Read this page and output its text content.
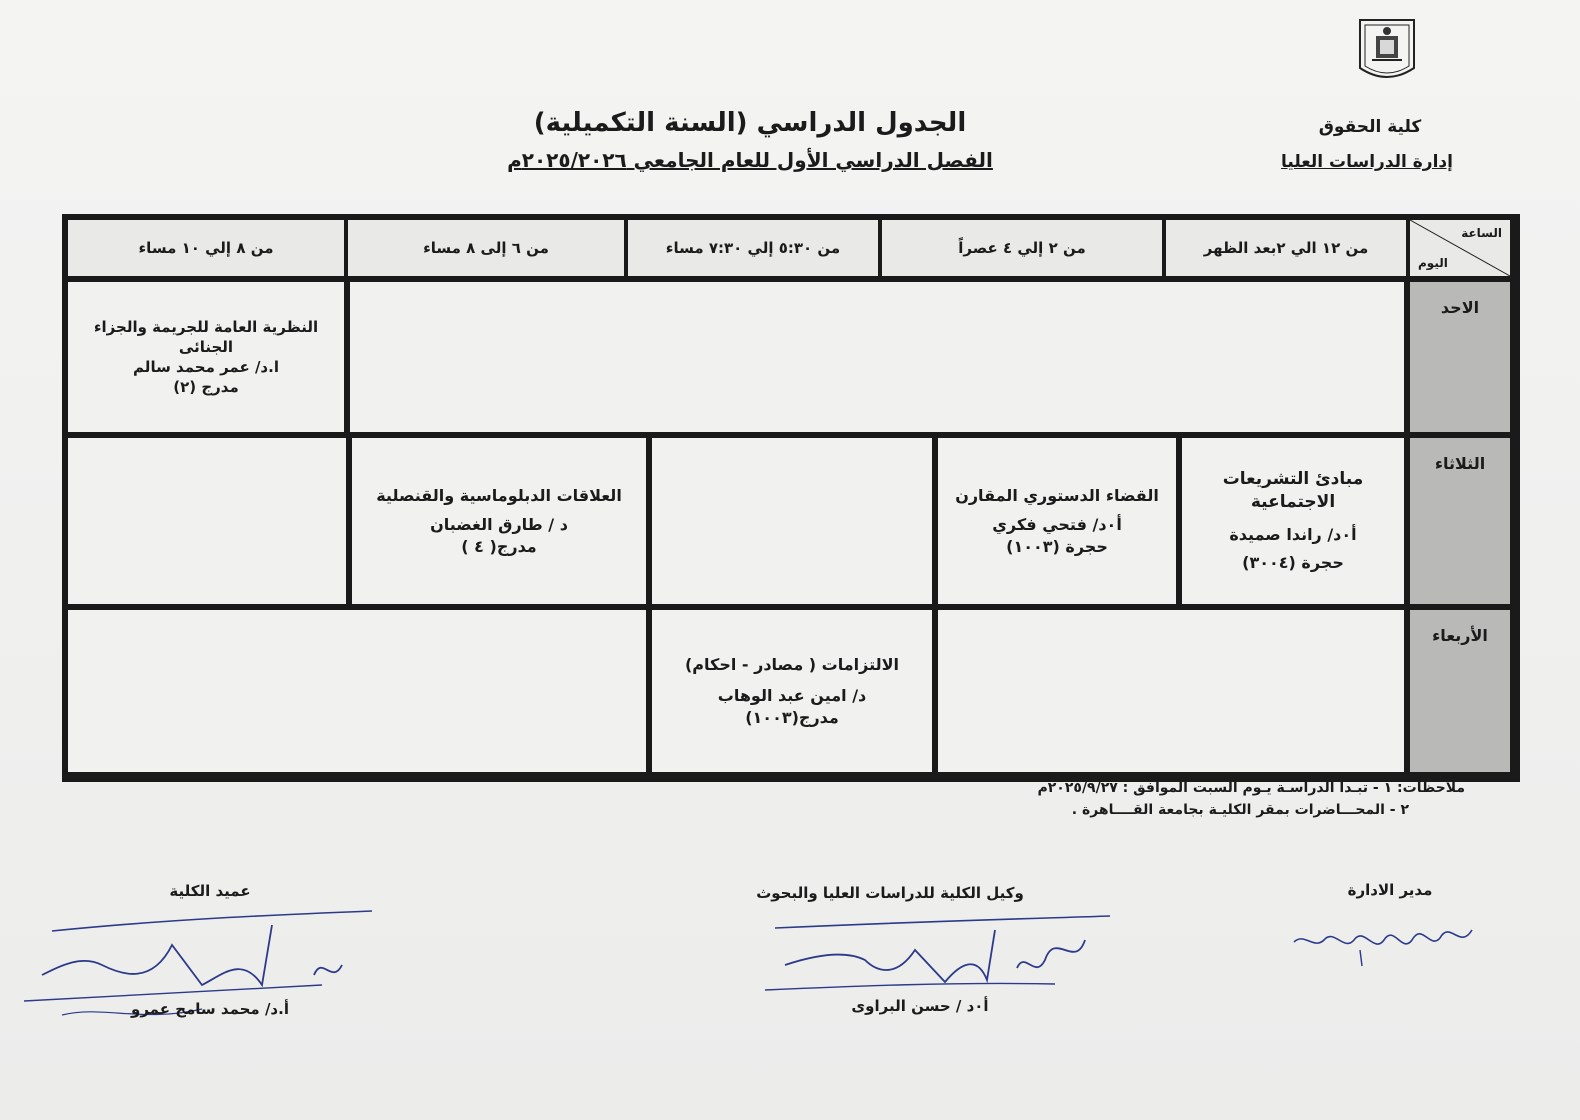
كلية الحقوق
إدارة الدراسات العليا
الجدول الدراسي (السنة التكميلية)
الفصل الدراسي الأول للعام الجامعي ٢٠٢٥/٢٠٢٦م
الساعة
اليوم
من ١٢ الي ٢بعد الظهر
من ٢ إلي ٤ عصراً
من ٥:٣٠ إلي ٧:٣٠ مساء
من ٦ إلى ٨ مساء
من ٨ إلي ١٠ مساء
الاحد
النظرية العامة للجريمة والجزاء الجنائى
ا.د/ عمر محمد سالم
مدرج (٢)
الثلاثاء
مبادئ التشريعات الاجتماعية
أ٠د/ راندا صميدة
حجرة (٣٠٠٤)
القضاء الدستوري المقارن
أ٠د/ فتحي فكري
حجرة (١٠٠٣)
العلاقات الدبلوماسية والقنصلية
د / طارق الغضبان
مدرج( ٤ )
الأربعاء
الالتزامات ( مصادر - احكام)
د/ امين عبد الوهاب
مدرج(١٠٠٣)
ملاحظات: ١ - تبـدأ الدراسـة يـوم السبت الموافق : ٢٠٢٥/٩/٢٧م
٢ - المحـــاضرات بمقر الكليـة بجامعة القــــاهرة .
مدير الادارة
وكيل الكلية للدراسات العليا والبحوث
أ٠د / حسن البراوى
عميد الكلية
أ.د/ محمد سامح عمرو
